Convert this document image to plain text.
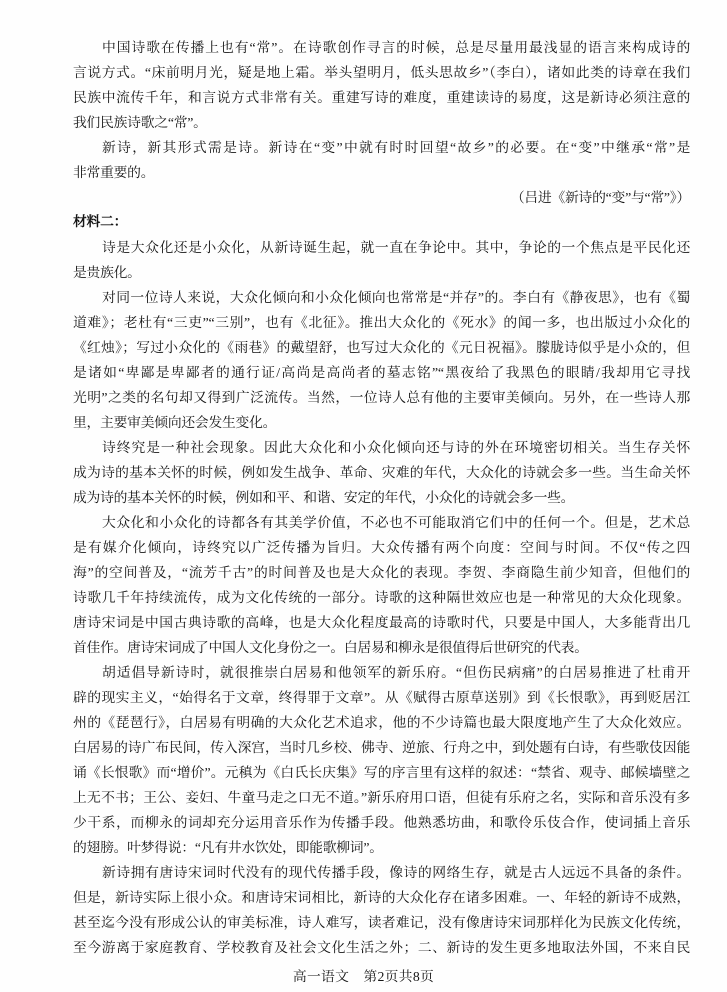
中国诗歌在传播上也有“常”。在诗歌创作寻言的时候，总是尽量用最浅显的语言来构成诗的
言说方式。“床前明月光，疑是地上霜。举头望明月，低头思故乡”（李白），诸如此类的诗章在我们
民族中流传千年，和言说方式非常有关。重建写诗的难度，重建读诗的易度，这是新诗必须注意的
我们民族诗歌之“常”。
新诗，新其形式需是诗。新诗在“变”中就有时时回望“故乡”的必要。在“变”中继承“常”是
非常重要的。
（吕进《新诗的“变”与“常”》）
材料二：
诗是大众化还是小众化，从新诗诞生起，就一直在争论中。其中，争论的一个焦点是平民化还
是贵族化。
对同一位诗人来说，大众化倾向和小众化倾向也常常是“并存”的。李白有《静夜思》，也有《蜀
道难》；老杜有“三吏”“三别”，也有《北征》。推出大众化的《死水》的闻一多，也出版过小众化的
《红烛》；写过小众化的《雨巷》的戴望舒，也写过大众化的《元日祝福》。朦胧诗似乎是小众的，但
是诸如“卑鄙是卑鄙者的通行证/高尚是高尚者的墓志铭”“黑夜给了我黑色的眼睛/我却用它寻找
光明”之类的名句却又得到广泛流传。当然，一位诗人总有他的主要审美倾向。另外，在一些诗人那
里，主要审美倾向还会发生变化。
诗终究是一种社会现象。因此大众化和小众化倾向还与诗的外在环境密切相关。当生存关怀
成为诗的基本关怀的时候，例如发生战争、革命、灾难的年代，大众化的诗就会多一些。当生命关怀
成为诗的基本关怀的时候，例如和平、和谐、安定的年代，小众化的诗就会多一些。
大众化和小众化的诗都各有其美学价值，不必也不可能取消它们中的任何一个。但是，艺术总
是有媒介化倾向，诗终究以广泛传播为旨归。大众传播有两个向度：空间与时间。不仅“传之四
海”的空间普及，“流芳千古”的时间普及也是大众化的表现。李贺、李商隐生前少知音，但他们的
诗歌几千年持续流传，成为文化传统的一部分。诗歌的这种隔世效应也是一种常见的大众化现象。
唐诗宋词是中国古典诗歌的高峰，也是大众化程度最高的诗歌时代，只要是中国人，大多能背出几
首佳作。唐诗宋词成了中国人文化身份之一。白居易和柳永是很值得后世研究的代表。
胡适倡导新诗时，就很推崇白居易和他领军的新乐府。“但伤民病痛”的白居易推进了杜甫开
辟的现实主义，“始得名于文章，终得罪于文章”。从《赋得古原草送别》到《长恨歌》，再到贬居江
州的《琵琶行》，白居易有明确的大众化艺术追求，他的不少诗篇也最大限度地产生了大众化效应。
白居易的诗广布民间，传入深宫，当时几乡校、佛寺、逆旅、行舟之中，到处题有白诗，有些歌伎因能
诵《长恨歌》而“增价”。元稹为《白氏长庆集》写的序言里有这样的叙述：“禁省、观寺、邮候墙壁之
上无不书；王公、妾妇、牛童马走之口无不道。”新乐府用口语，但徒有乐府之名，实际和音乐没有多
少干系，而柳永的词却充分运用音乐作为传播手段。他熟悉坊曲，和歌伶乐伎合作，使词插上音乐
的翅膀。叶梦得说：“凡有井水饮处，即能歌柳词”。
新诗拥有唐诗宋词时代没有的现代传播手段，像诗的网络生存，就是古人远远不具备的条件。
但是，新诗实际上很小众。和唐诗宋词相比，新诗的大众化存在诸多困难。一、年轻的新诗不成熟，
甚至迄今没有形成公认的审美标准，诗人难写，读者难记，没有像唐诗宋词那样化为民族文化传统，
至今游离于家庭教育、学校教育及社会文化生活之外；二、新诗的发生更多地取法外国，不来自民
高一语文　第2页共8页
